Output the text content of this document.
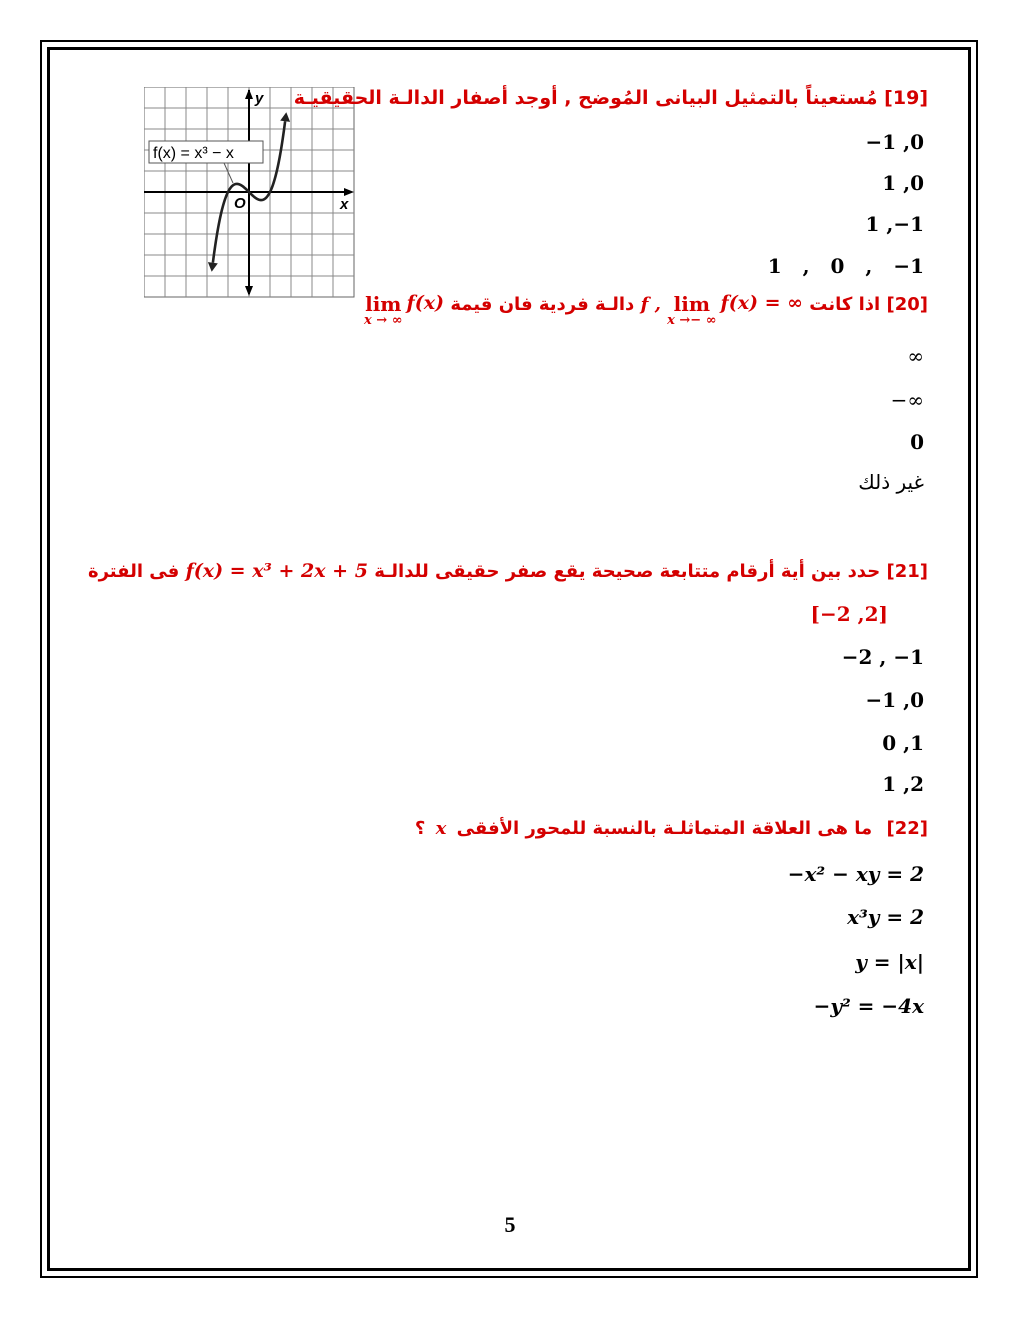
f(x) = x³ − x
x
y
O
[19] مُستعيناً بالتمثيل البيانى المُوضح , أوجد أصفار الدالـة الحقيقيـة
−1 ,0
1 ,0
1 ,−1
1 , 0 , −1
[20] اذا كانت
f(x) = ∞
lim
x →− ∞
f , دالـة فردية فان قيمة
f(x)
lim
x → ∞
∞
−∞
0
غير ذلك
[21] حدد بين أية أرقام متتابعة صحيحة يقع صفر حقيقى للدالـة f(x) = x³ + 2x + 5 فى الفترة
[−2 ,2]
−2 , −1
−1 ,0
0 ,1
1 ,2
[22] ما هى العلاقة المتماثلـة بالنسبة للمحور الأفقى x ؟
−x² − xy = 2
x³y = 2
y = |x|
−y² = −4x
5
